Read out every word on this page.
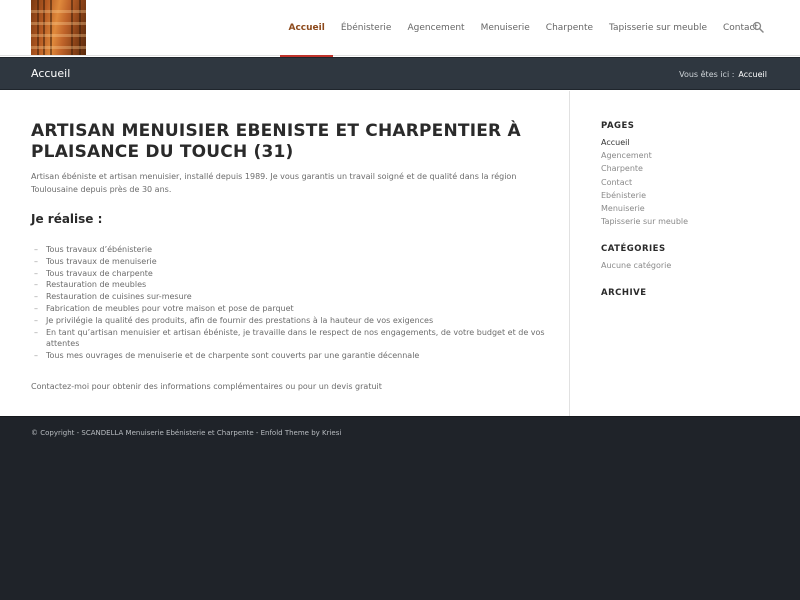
Accueil	Ébénisterie	Agencement	Menuiserie	Charpente	Tapisserie sur meuble	Contact
Accueil	Vous êtes ici : Accueil
ARTISAN MENUISIER EBENISTE ET CHARPENTIER À PLAISANCE DU TOUCH (31)

Artisan ébéniste et artisan menuisier, installé depuis 1989. Je vous garantis un travail soigné et de qualité dans la région Toulousaine depuis près de 30 ans.

Je réalise :
– Tous travaux d’ébénisterie
– Tous travaux de menuiserie
– Tous travaux de charpente
– Restauration de meubles
– Restauration de cuisines sur-mesure
– Fabrication de meubles pour votre maison et pose de parquet
– Je privilégie la qualité des produits, afin de fournir des prestations à la hauteur de vos exigences
– En tant qu’artisan menuisier et artisan ébéniste, je travaille dans le respect de nos engagements, de votre budget et de vos attentes
– Tous mes ouvrages de menuiserie et de charpente sont couverts par une garantie décennale

Contactez-moi pour obtenir des informations complémentaires ou pour un devis gratuit

PAGES
Accueil
Agencement
Charpente
Contact
Ebénisterie
Menuiserie
Tapisserie sur meuble
CATÉGORIES
Aucune catégorie
ARCHIVE
© Copyright - SCANDELLA Menuiserie Ebénisterie et Charpente - Enfold Theme by Kriesi
